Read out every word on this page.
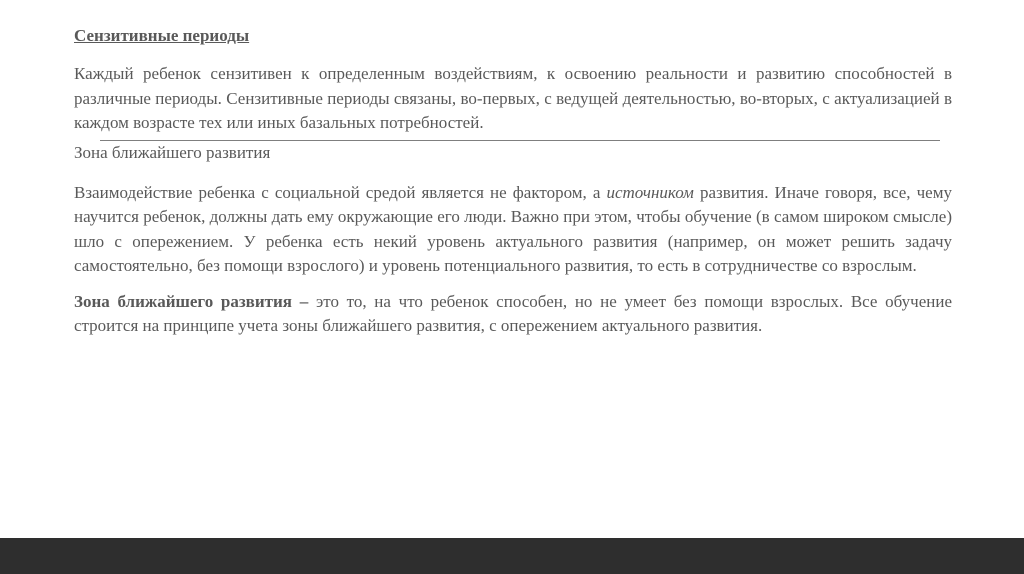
Сензитивные периоды

Каждый ребенок сензитивен к определенным воздействиям, к освоению реальности и развитию способностей в различные периоды. Сензитивные периоды связаны, во-первых, с ведущей деятельностью, во-вторых, с актуализацией в каждом возрасте тех или иных базальных потребностей.

Зона ближайшего развития

Взаимодействие ребенка с социальной средой является не фактором, а источником развития. Иначе говоря, все, чему научится ребенок, должны дать ему окружающие его люди. Важно при этом, чтобы обучение (в самом широком смысле) шло с опережением. У ребенка есть некий уровень актуального развития (например, он может решить задачу самостоятельно, без помощи взрослого) и уровень потенциального развития, то есть в сотрудничестве со взрослым.

Зона ближайшего развития – это то, на что ребенок способен, но не умеет без помощи взрослых. Все обучение строится на принципе учета зоны ближайшего развития, с опережением актуального развития.
